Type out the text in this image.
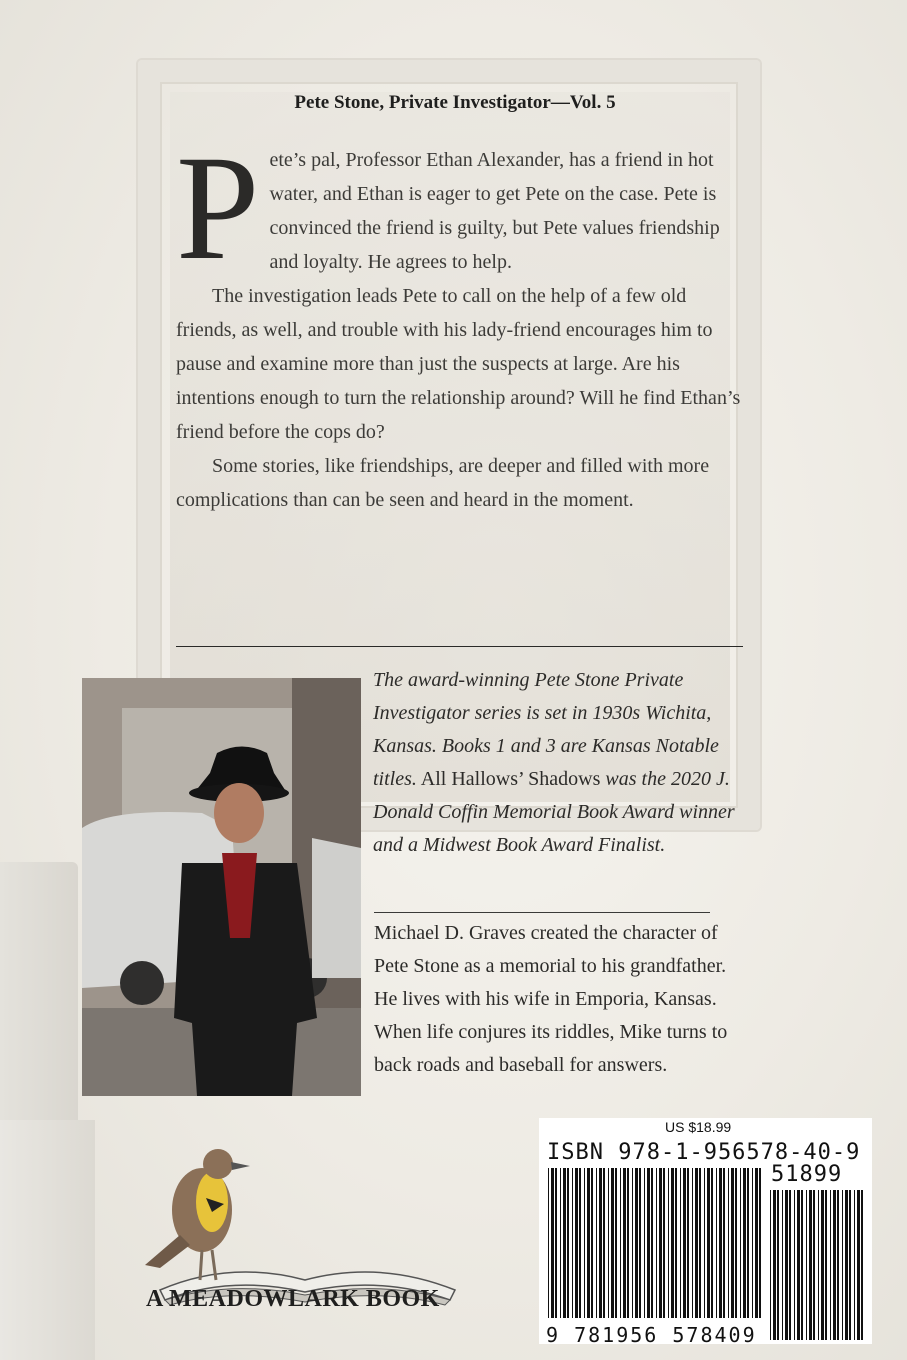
Pete Stone, Private Investigator—Vol. 5

Pete’s pal, Professor Ethan Alexander, has a friend in hot water, and Ethan is eager to get Pete on the case. Pete is convinced the friend is guilty, but Pete values friendship and loyalty. He agrees to help.

The investigation leads Pete to call on the help of a few old friends, as well, and trouble with his lady-friend encourages him to pause and examine more than just the suspects at large. Are his intentions enough to turn the relationship around? Will he find Ethan’s friend before the cops do?

Some stories, like friendships, are deeper and filled with more complications than can be seen and heard in the moment.

The award-winning Pete Stone Private Investigator series is set in 1930s Wichita, Kansas. Books 1 and 3 are Kansas Notable titles. All Hallows’ Shadows was the 2020 J. Donald Coffin Memorial Book Award winner and a Midwest Book Award Finalist.
Michael D. Graves created the character of Pete Stone as a memorial to his grandfather. He lives with his wife in Emporia, Kansas. When life conjures its riddles, Mike turns to back roads and baseball for answers.
A MEADOWLARK BOOK
US $18.99
ISBN 978-1-956578-40-9
51899
9 781956 578409
